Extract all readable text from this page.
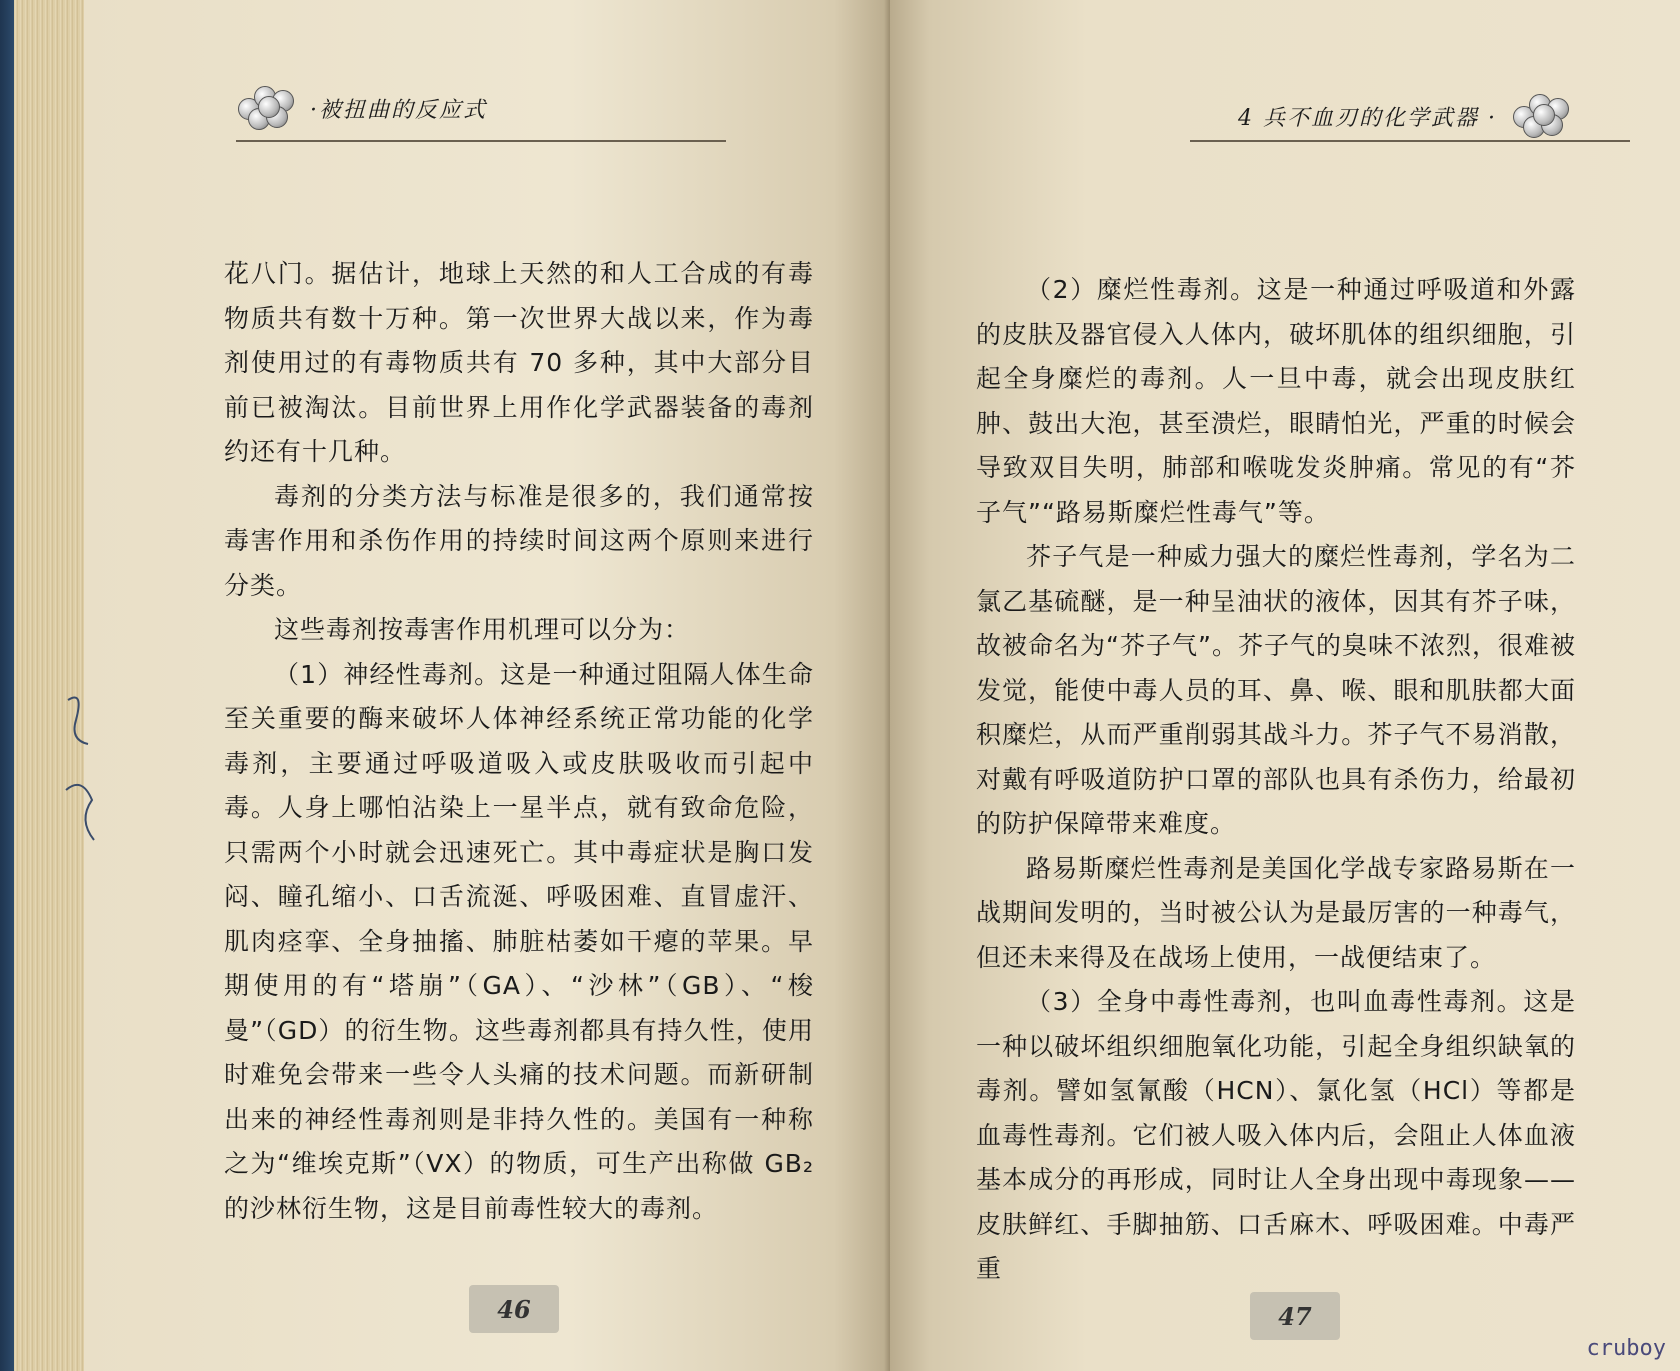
·被扭曲的反应式

花八门。据估计，地球上天然的和人工合成的有毒物质共有数十万种。第一次世界大战以来，作为毒剂使用过的有毒物质共有 70 多种，其中大部分目前已被淘汰。目前世界上用作化学武器装备的毒剂约还有十几种。

毒剂的分类方法与标准是很多的，我们通常按毒害作用和杀伤作用的持续时间这两个原则来进行分类。

这些毒剂按毒害作用机理可以分为：

（1）神经性毒剂。这是一种通过阻隔人体生命至关重要的酶来破坏人体神经系统正常功能的化学毒剂，主要通过呼吸道吸入或皮肤吸收而引起中毒。人身上哪怕沾染上一星半点，就有致命危险，只需两个小时就会迅速死亡。其中毒症状是胸口发闷、瞳孔缩小、口舌流涎、呼吸困难、直冒虚汗、肌肉痉挛、全身抽搐、肺脏枯萎如干瘪的苹果。早期使用的有“塔崩”（GA）、“沙林”（GB）、“梭曼”（GD）的衍生物。这些毒剂都具有持久性，使用时难免会带来一些令人头痛的技术问题。而新研制出来的神经性毒剂则是非持久性的。美国有一种称之为“维埃克斯”（VX）的物质，可生产出称做 GB₂ 的沙林衍生物，这是目前毒性较大的毒剂。

46
4 兵不血刃的化学武器 ·

（2）糜烂性毒剂。这是一种通过呼吸道和外露的皮肤及器官侵入人体内，破坏肌体的组织细胞，引起全身糜烂的毒剂。人一旦中毒，就会出现皮肤红肿、鼓出大泡，甚至溃烂，眼睛怕光，严重的时候会导致双目失明，肺部和喉咙发炎肿痛。常见的有“芥子气”“路易斯糜烂性毒气”等。

芥子气是一种威力强大的糜烂性毒剂，学名为二氯乙基硫醚，是一种呈油状的液体，因其有芥子味，故被命名为“芥子气”。芥子气的臭味不浓烈，很难被发觉，能使中毒人员的耳、鼻、喉、眼和肌肤都大面积糜烂，从而严重削弱其战斗力。芥子气不易消散，对戴有呼吸道防护口罩的部队也具有杀伤力，给最初的防护保障带来难度。

路易斯糜烂性毒剂是美国化学战专家路易斯在一战期间发明的，当时被公认为是最厉害的一种毒气，但还未来得及在战场上使用，一战便结束了。

（3）全身中毒性毒剂，也叫血毒性毒剂。这是一种以破坏组织细胞氧化功能，引起全身组织缺氧的毒剂。譬如氢氰酸（HCN）、氯化氢（HCl）等都是血毒性毒剂。它们被人吸入体内后，会阻止人体血液基本成分的再形成，同时让人全身出现中毒现象——皮肤鲜红、手脚抽筋、口舌麻木、呼吸困难。中毒严重

47
cruboy
